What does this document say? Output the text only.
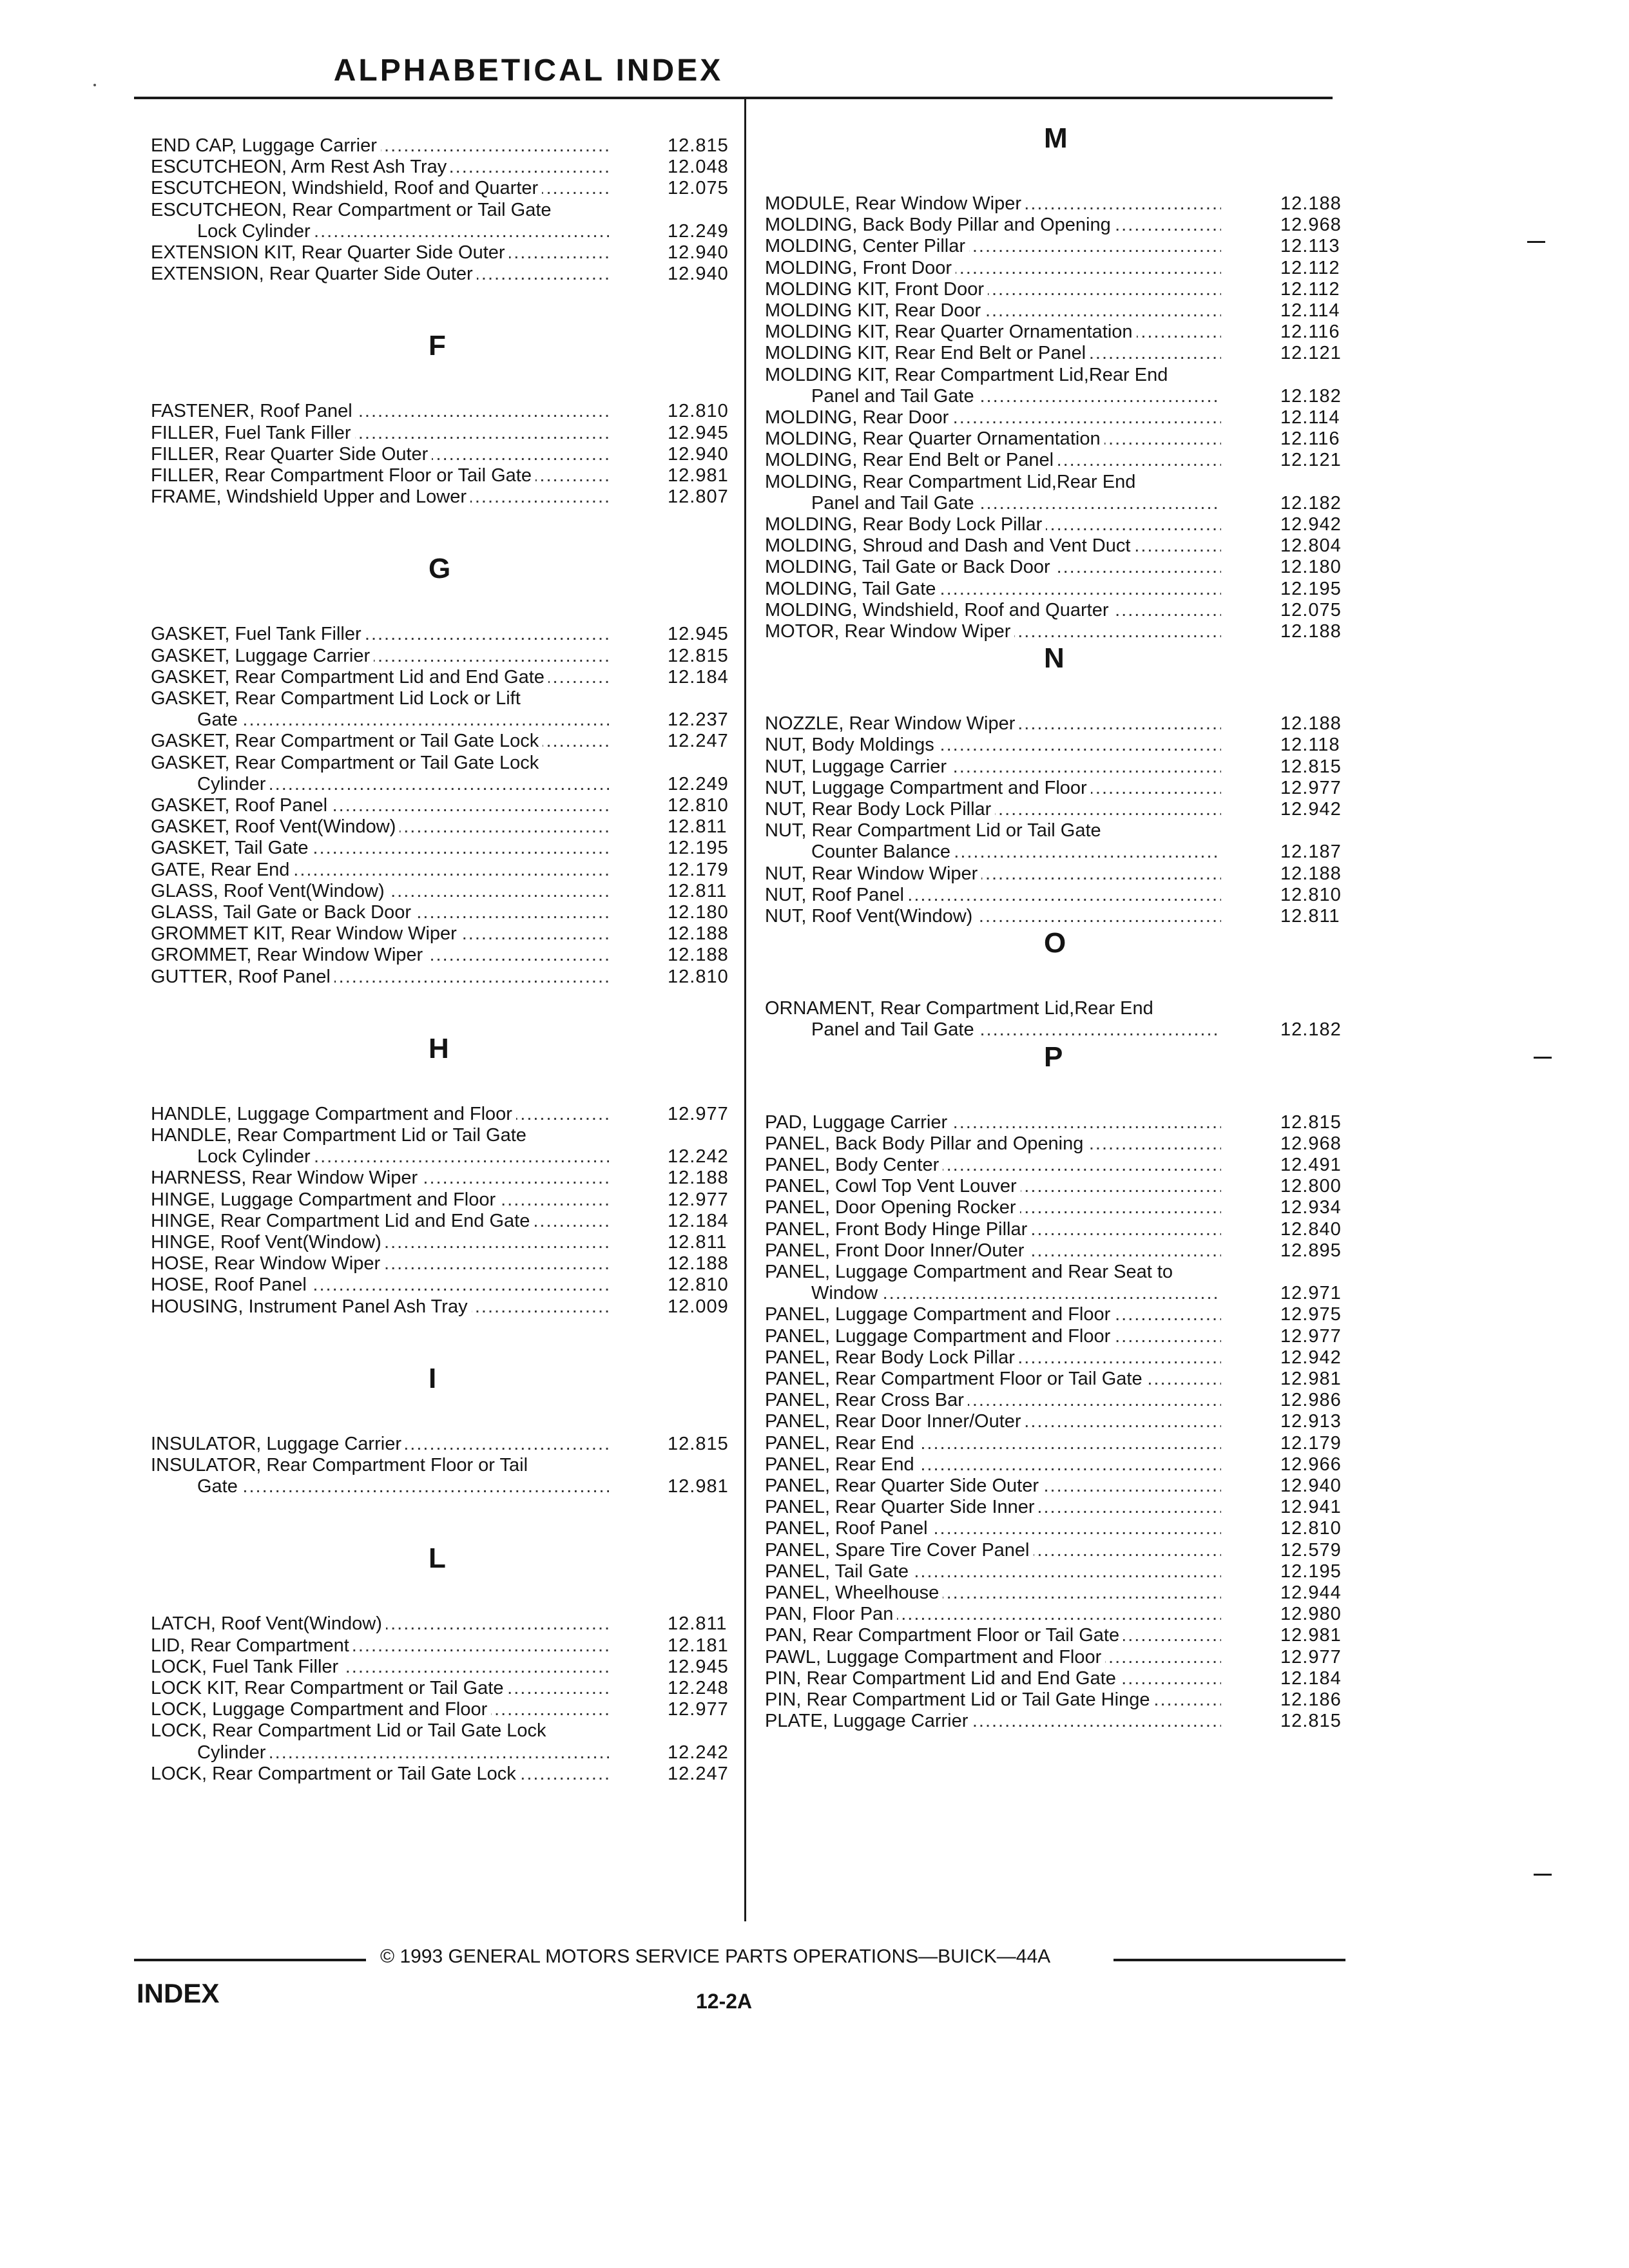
ALPHABETICAL INDEX
END CAP, Luggage Carrier .....	12.815
ESCUTCHEON, Arm Rest Ash Tray .....	12.048
ESCUTCHEON, Windshield, Roof and Quarter .....	12.075
ESCUTCHEON, Rear Compartment or Tail Gate
Lock Cylinder .....	12.249
EXTENSION KIT, Rear Quarter Side Outer .....	12.940
EXTENSION, Rear Quarter Side Outer .....	12.940
F
FASTENER, Roof Panel .....	12.810
FILLER, Fuel Tank Filler .....	12.945
FILLER, Rear Quarter Side Outer .....	12.940
FILLER, Rear Compartment Floor or Tail Gate .....	12.981
FRAME, Windshield Upper and Lower .....	12.807
G
GASKET, Fuel Tank Filler .....	12.945
GASKET, Luggage Carrier .....	12.815
GASKET, Rear Compartment Lid and End Gate .....	12.184
GASKET, Rear Compartment Lid Lock or Lift
Gate .....	12.237
GASKET, Rear Compartment or Tail Gate Lock .....	12.247
GASKET, Rear Compartment or Tail Gate Lock
Cylinder .....	12.249
GASKET, Roof Panel .....	12.810
GASKET, Roof Vent(Window) .....	12.811
GASKET, Tail Gate .....	12.195
GATE, Rear End .....	12.179
GLASS, Roof Vent(Window) .....	12.811
GLASS, Tail Gate or Back Door .....	12.180
GROMMET KIT, Rear Window Wiper .....	12.188
GROMMET, Rear Window Wiper .....	12.188
GUTTER, Roof Panel .....	12.810
H
HANDLE, Luggage Compartment and Floor .....	12.977
HANDLE, Rear Compartment Lid or Tail Gate
Lock Cylinder .....	12.242
HARNESS, Rear Window Wiper .....	12.188
HINGE, Luggage Compartment and Floor .....	12.977
HINGE, Rear Compartment Lid and End Gate .....	12.184
HINGE, Roof Vent(Window) .....	12.811
HOSE, Rear Window Wiper .....	12.188
HOSE, Roof Panel .....	12.810
HOUSING, Instrument Panel Ash Tray .....	12.009
I
INSULATOR, Luggage Carrier .....	12.815
INSULATOR, Rear Compartment Floor or Tail
Gate .....	12.981
L
LATCH, Roof Vent(Window) .....	12.811
LID, Rear Compartment .....	12.181
LOCK, Fuel Tank Filler .....	12.945
LOCK KIT, Rear Compartment or Tail Gate .....	12.248
LOCK, Luggage Compartment and Floor .....	12.977
LOCK, Rear Compartment Lid or Tail Gate Lock
Cylinder .....	12.242
LOCK, Rear Compartment or Tail Gate Lock .....	12.247
M
MODULE, Rear Window Wiper .....	12.188
MOLDING, Back Body Pillar and Opening .....	12.968
MOLDING, Center Pillar .....	12.113
MOLDING, Front Door .....	12.112
MOLDING KIT, Front Door .....	12.112
MOLDING KIT, Rear Door .....	12.114
MOLDING KIT, Rear Quarter Ornamentation .....	12.116
MOLDING KIT, Rear End Belt or Panel .....	12.121
MOLDING KIT, Rear Compartment Lid,Rear End
Panel and Tail Gate .....	12.182
MOLDING, Rear Door .....	12.114
MOLDING, Rear Quarter Ornamentation .....	12.116
MOLDING, Rear End Belt or Panel .....	12.121
MOLDING, Rear Compartment Lid,Rear End
Panel and Tail Gate .....	12.182
MOLDING, Rear Body Lock Pillar .....	12.942
MOLDING, Shroud and Dash and Vent Duct .....	12.804
MOLDING, Tail Gate or Back Door .....	12.180
MOLDING, Tail Gate .....	12.195
MOLDING, Windshield, Roof and Quarter .....	12.075
MOTOR, Rear Window Wiper .....	12.188
N
NOZZLE, Rear Window Wiper .....	12.188
NUT, Body Moldings .....	12.118
NUT, Luggage Carrier .....	12.815
NUT, Luggage Compartment and Floor .....	12.977
NUT, Rear Body Lock Pillar .....	12.942
NUT, Rear Compartment Lid or Tail Gate
Counter Balance .....	12.187
NUT, Rear Window Wiper .....	12.188
NUT, Roof Panel .....	12.810
NUT, Roof Vent(Window) .....	12.811
O
ORNAMENT, Rear Compartment Lid,Rear End
Panel and Tail Gate .....	12.182
P
PAD, Luggage Carrier .....	12.815
PANEL, Back Body Pillar and Opening .....	12.968
PANEL, Body Center .....	12.491
PANEL, Cowl Top Vent Louver .....	12.800
PANEL, Door Opening Rocker .....	12.934
PANEL, Front Body Hinge Pillar .....	12.840
PANEL, Front Door Inner/Outer .....	12.895
PANEL, Luggage Compartment and Rear Seat to
Window .....	12.971
PANEL, Luggage Compartment and Floor .....	12.975
PANEL, Luggage Compartment and Floor .....	12.977
PANEL, Rear Body Lock Pillar .....	12.942
PANEL, Rear Compartment Floor or Tail Gate .....	12.981
PANEL, Rear Cross Bar .....	12.986
PANEL, Rear Door Inner/Outer .....	12.913
PANEL, Rear End .....	12.179
PANEL, Rear End .....	12.966
PANEL, Rear Quarter Side Outer .....	12.940
PANEL, Rear Quarter Side Inner .....	12.941
PANEL, Roof Panel .....	12.810
PANEL, Spare Tire Cover Panel .....	12.579
PANEL, Tail Gate .....	12.195
PANEL, Wheelhouse .....	12.944
PAN, Floor Pan .....	12.980
PAN, Rear Compartment Floor or Tail Gate .....	12.981
PAWL, Luggage Compartment and Floor .....	12.977
PIN, Rear Compartment Lid and End Gate .....	12.184
PIN, Rear Compartment Lid or Tail Gate Hinge .....	12.186
PLATE, Luggage Carrier .....	12.815
© 1993 GENERAL MOTORS SERVICE PARTS OPERATIONS—BUICK—44A
INDEX	12-2A
